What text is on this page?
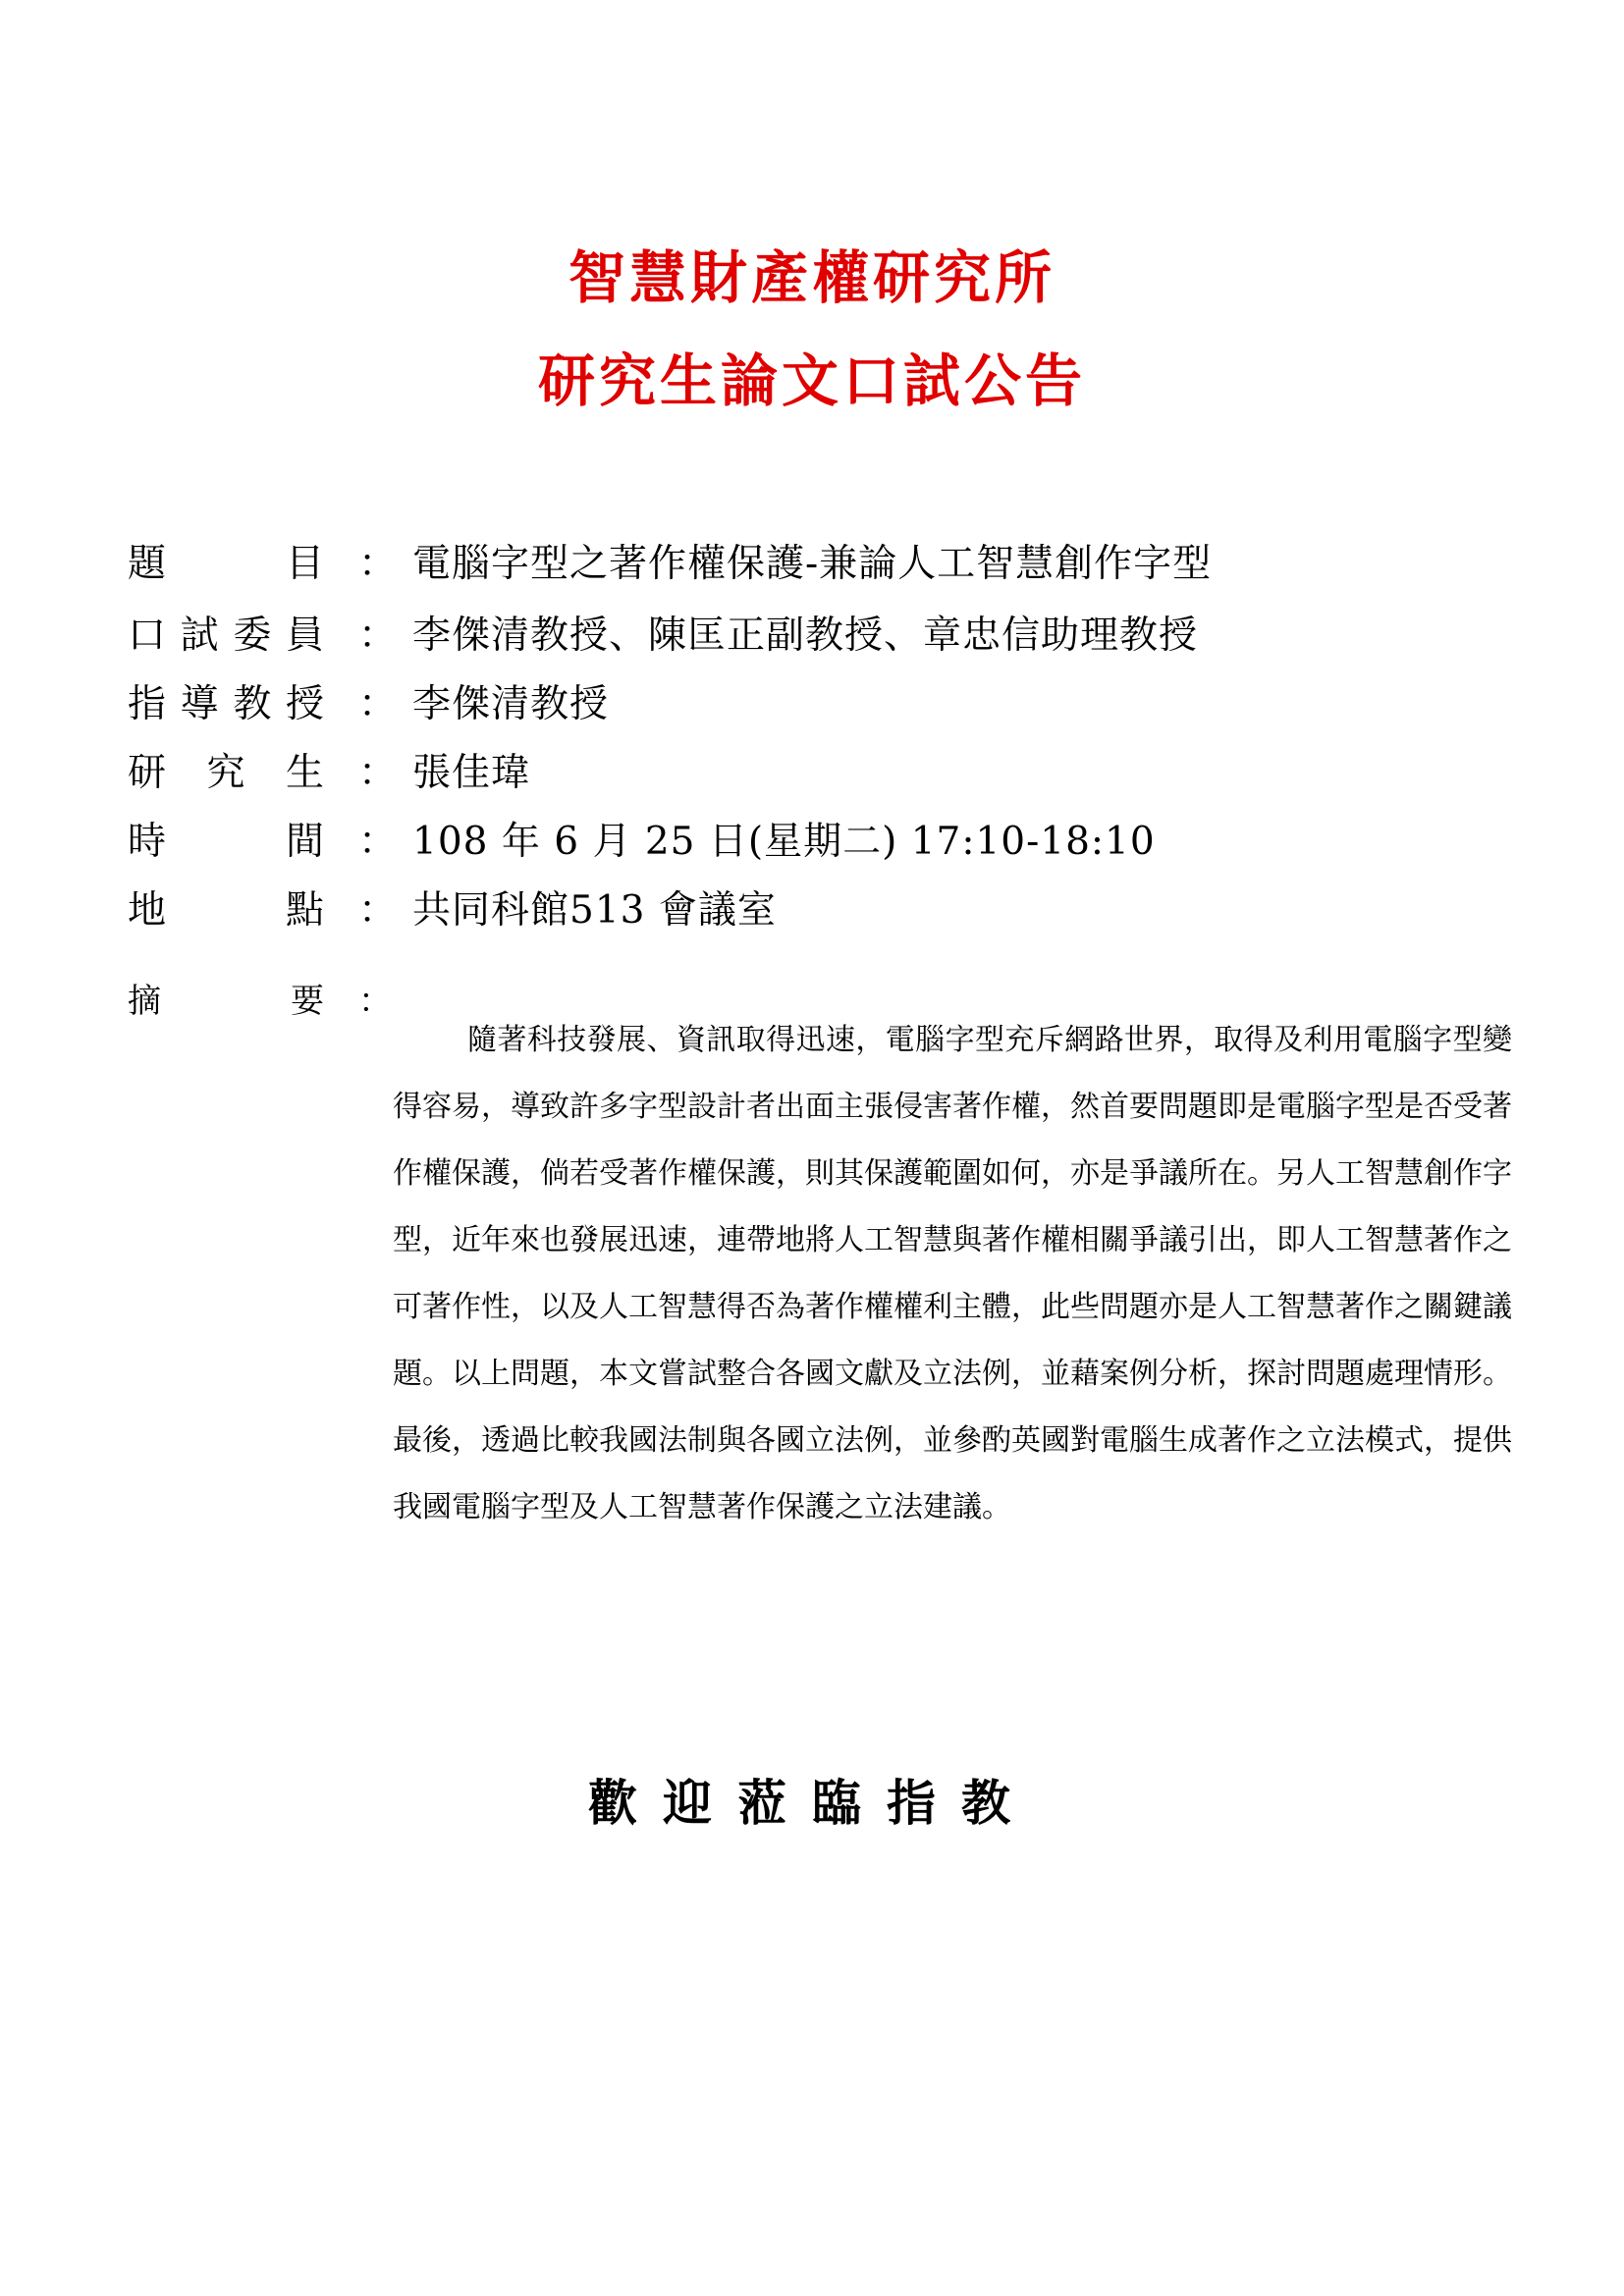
智慧財產權研究所
研究生論文口試公告
題	目 ： 電腦字型之著作權保護-兼論人工智慧創作字型
口 試 委 員 ： 李傑清教授、陳匡正副教授、章忠信助理教授
指 導 教 授 ： 李傑清教授
研 究 生 ： 張佳瑋
時	間 ： 108 年 6 月 25 日(星期二) 17:10-18:10
地	點 ： 共同科館513 會議室
摘	要 ：

隨著科技發展、資訊取得迅速，電腦字型充斥網路世界，取得及利用電腦字型變得容易，導致許多字型設計者出面主張侵害著作權，然首要問題即是電腦字型是否受著作權保護，倘若受著作權保護，則其保護範圍如何，亦是爭議所在。另人工智慧創作字型，近年來也發展迅速，連帶地將人工智慧與著作權相關爭議引出，即人工智慧著作之可著作性，以及人工智慧得否為著作權權利主體，此些問題亦是人工智慧著作之關鍵議題。以上問題，本文嘗試整合各國文獻及立法例，並藉案例分析，探討問題處理情形。最後，透過比較我國法制與各國立法例，並參酌英國對電腦生成著作之立法模式，提供我國電腦字型及人工智慧著作保護之立法建議。

歡迎蒞臨指教
